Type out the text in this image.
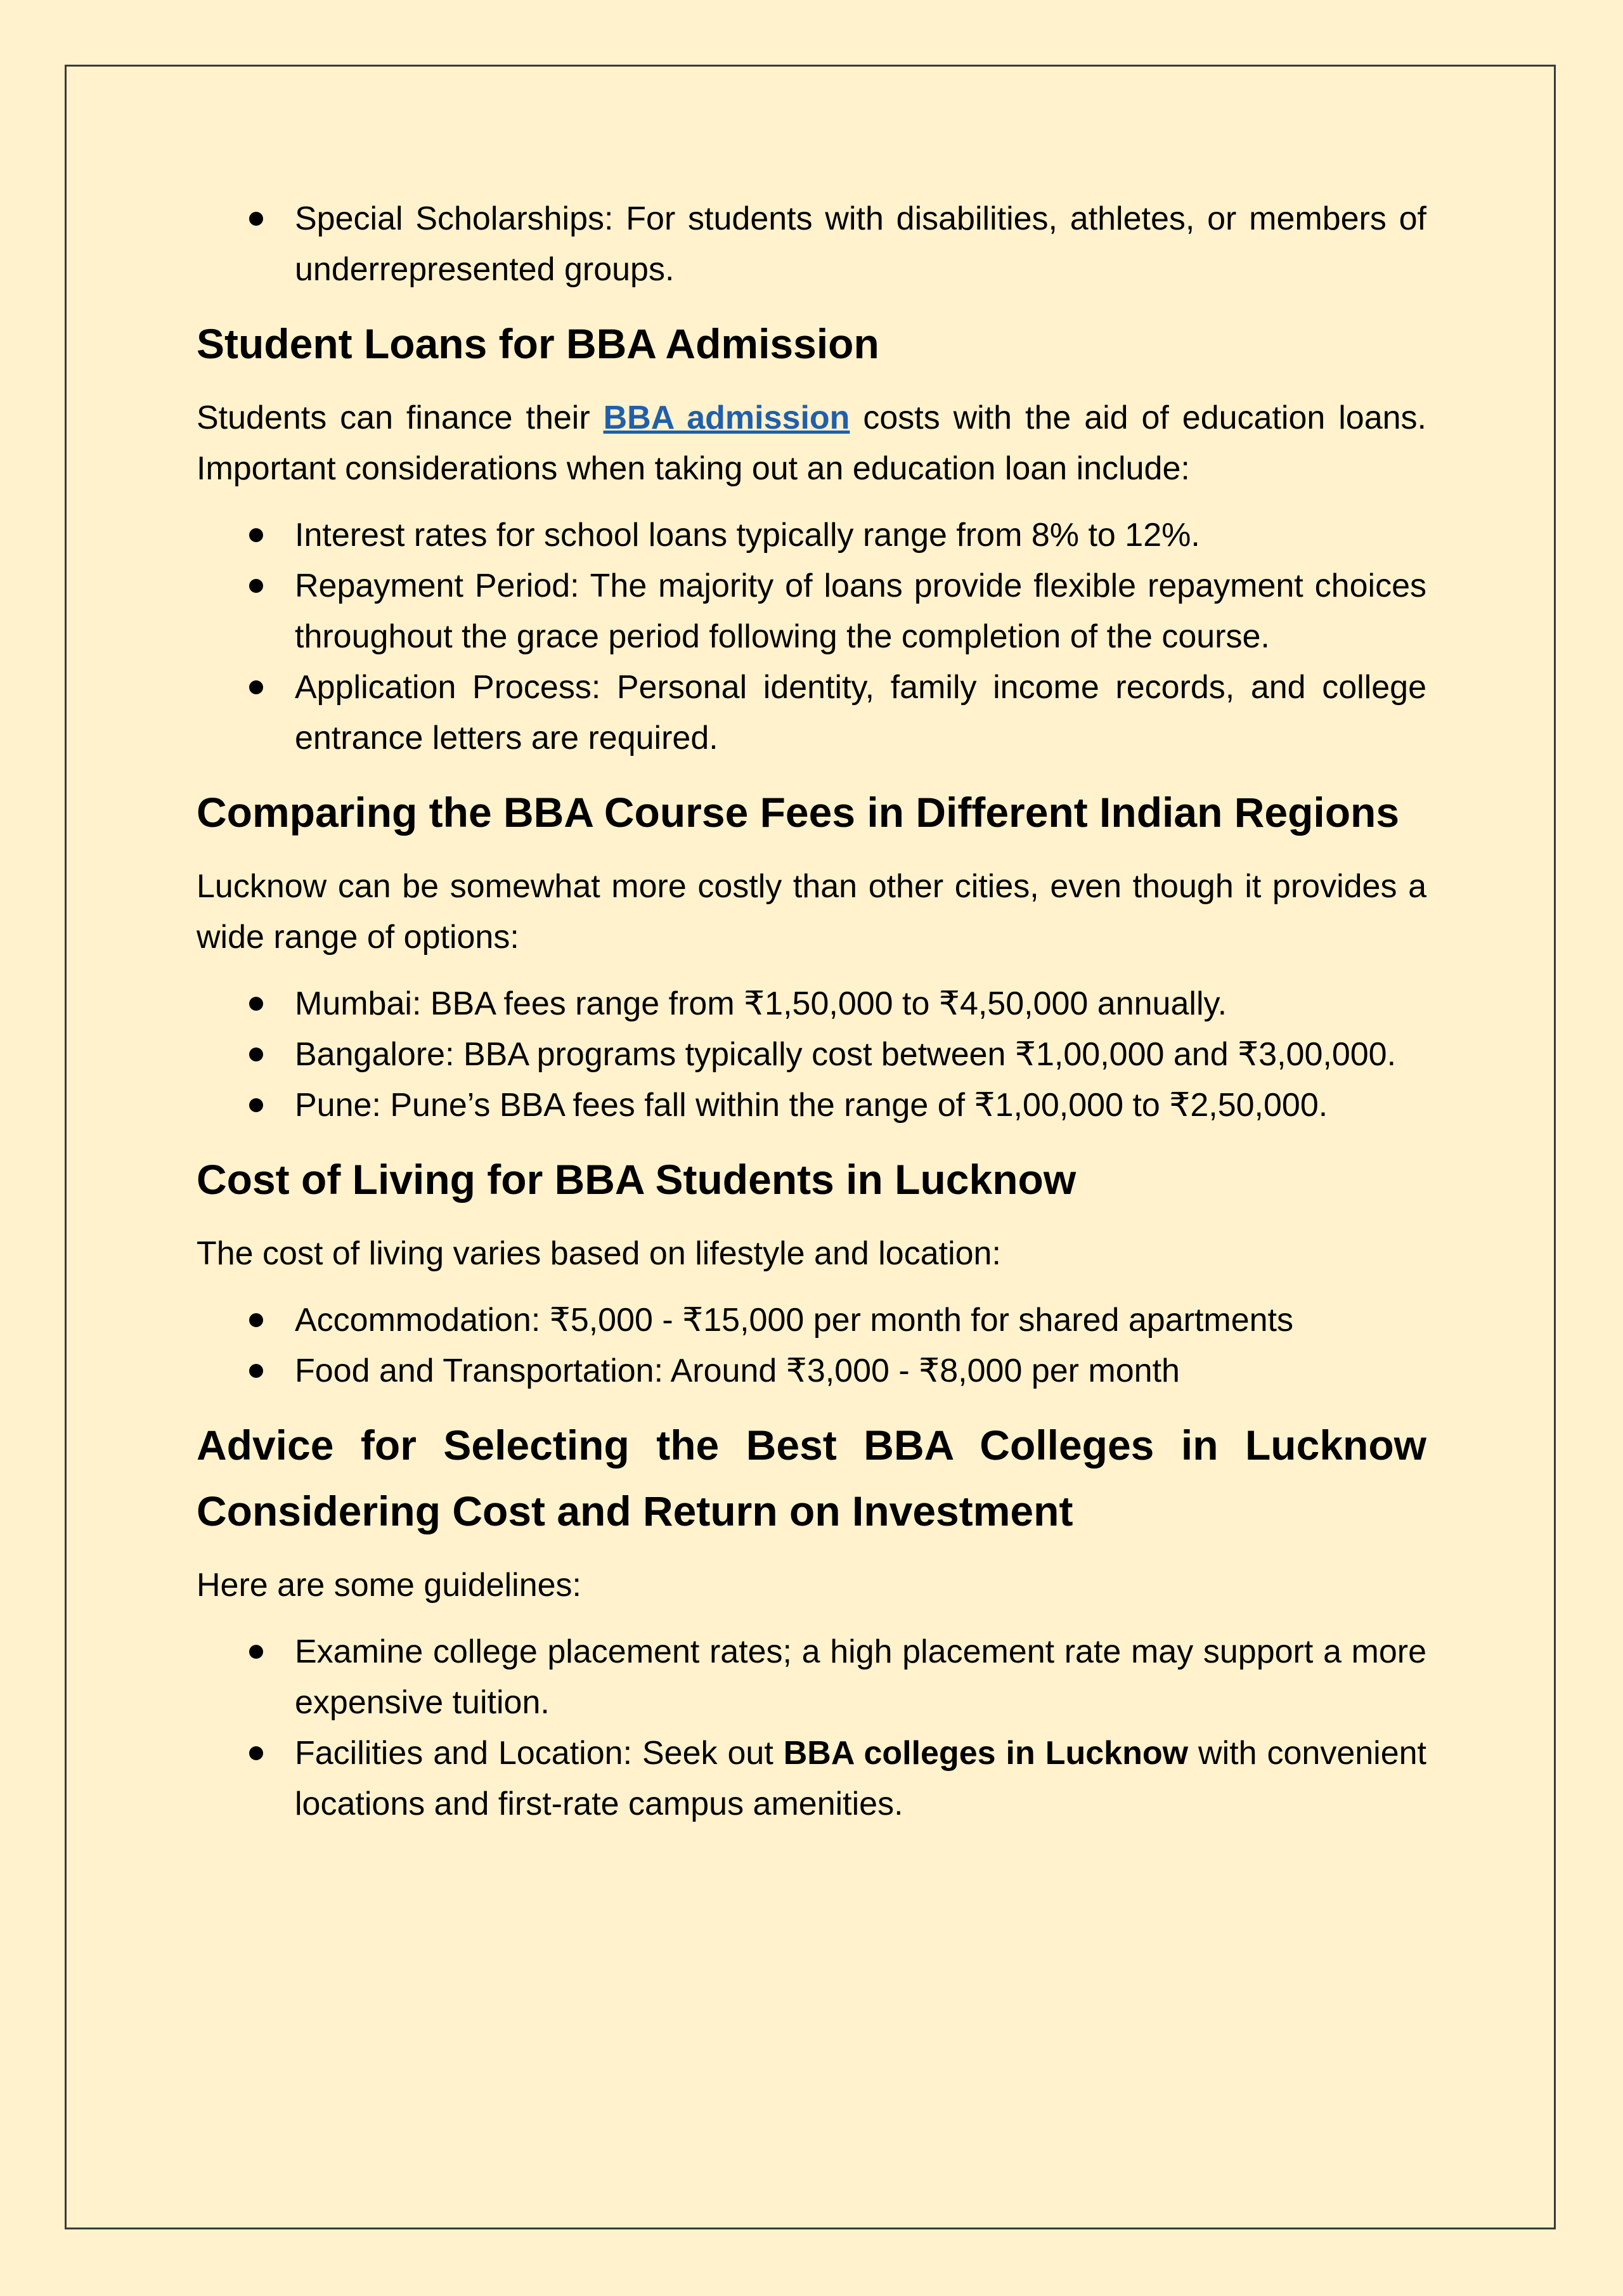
Special Scholarships: For students with disabilities, athletes, or members of underrepresented groups.
Student Loans for BBA Admission

Students can finance their BBA admission costs with the aid of education loans. Important considerations when taking out an education loan include:

Interest rates for school loans typically range from 8% to 12%.
Repayment Period: The majority of loans provide flexible repayment choices throughout the grace period following the completion of the course.
Application Process: Personal identity, family income records, and college entrance letters are required.
Comparing the BBA Course Fees in Different Indian Regions

Lucknow can be somewhat more costly than other cities, even though it provides a wide range of options:

Mumbai: BBA fees range from ₹1,50,000 to ₹4,50,000 annually.
Bangalore: BBA programs typically cost between ₹1,00,000 and ₹3,00,000.
Pune: Pune’s BBA fees fall within the range of ₹1,00,000 to ₹2,50,000.
Cost of Living for BBA Students in Lucknow

The cost of living varies based on lifestyle and location:

Accommodation: ₹5,000 - ₹15,000 per month for shared apartments
Food and Transportation: Around ₹3,000 - ₹8,000 per month
Advice for Selecting the Best BBA Colleges in Lucknow Considering Cost and Return on Investment

Here are some guidelines:

Examine college placement rates; a high placement rate may support a more expensive tuition.
Facilities and Location: Seek out BBA colleges in Lucknow with convenient locations and first-rate campus amenities.
